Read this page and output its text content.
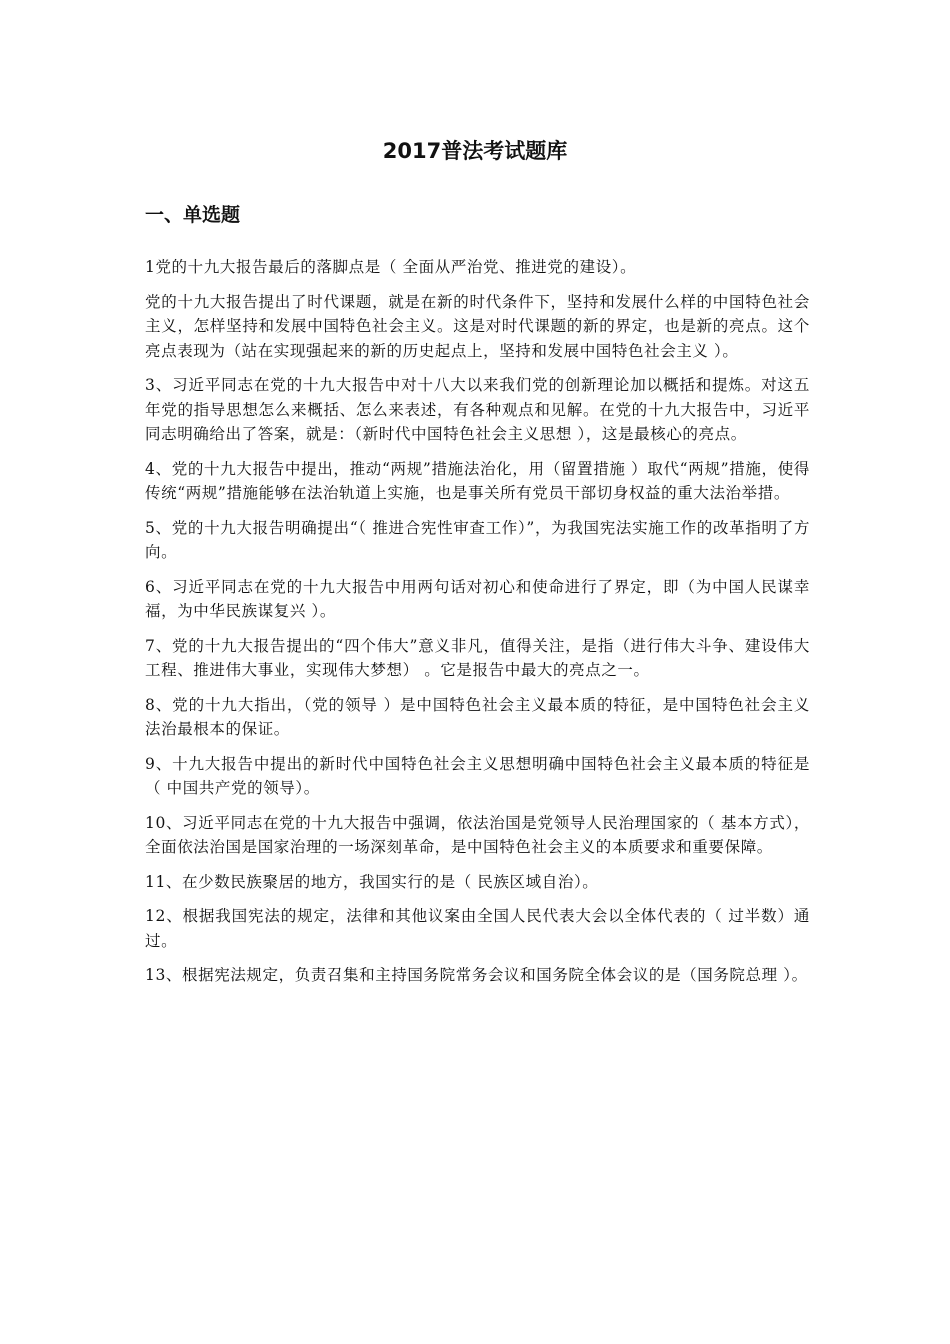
2017普法考试题库
一、单选题

1党的十九大报告最后的落脚点是（ 全面从严治党、推进党的建设）。

党的十九大报告提出了时代课题，就是在新的时代条件下，坚持和发展什么样的中国特色社会主义，怎样坚持和发展中国特色社会主义。这是对时代课题的新的界定，也是新的亮点。这个亮点表现为（站在实现强起来的新的历史起点上，坚持和发展中国特色社会主义 ）。

3、习近平同志在党的十九大报告中对十八大以来我们党的创新理论加以概括和提炼。对这五年党的指导思想怎么来概括、怎么来表述，有各种观点和见解。在党的十九大报告中，习近平同志明确给出了答案，就是：（新时代中国特色社会主义思想 ），这是最核心的亮点。

4、党的十九大报告中提出，推动“两规”措施法治化，用（留置措施 ）取代“两规”措施，使得传统“两规”措施能够在法治轨道上实施，也是事关所有党员干部切身权益的重大法治举措。

5、党的十九大报告明确提出“（ 推进合宪性审查工作）”，为我国宪法实施工作的改革指明了方向。

6、习近平同志在党的十九大报告中用两句话对初心和使命进行了界定，即（为中国人民谋幸福，为中华民族谋复兴 ）。

7、党的十九大报告提出的“四个伟大”意义非凡，值得关注，是指（进行伟大斗争、建设伟大工程、推进伟大事业，实现伟大梦想） 。它是报告中最大的亮点之一。

8、党的十九大指出，（党的领导 ）是中国特色社会主义最本质的特征，是中国特色社会主义法治最根本的保证。

9、十九大报告中提出的新时代中国特色社会主义思想明确中国特色社会主义最本质的特征是（ 中国共产党的领导）。

10、习近平同志在党的十九大报告中强调，依法治国是党领导人民治理国家的（ 基本方式），全面依法治国是国家治理的一场深刻革命，是中国特色社会主义的本质要求和重要保障。

11、在少数民族聚居的地方，我国实行的是（ 民族区域自治）。

12、根据我国宪法的规定，法律和其他议案由全国人民代表大会以全体代表的（ 过半数）通过。

13、根据宪法规定，负责召集和主持国务院常务会议和国务院全体会议的是（国务院总理 ）。
